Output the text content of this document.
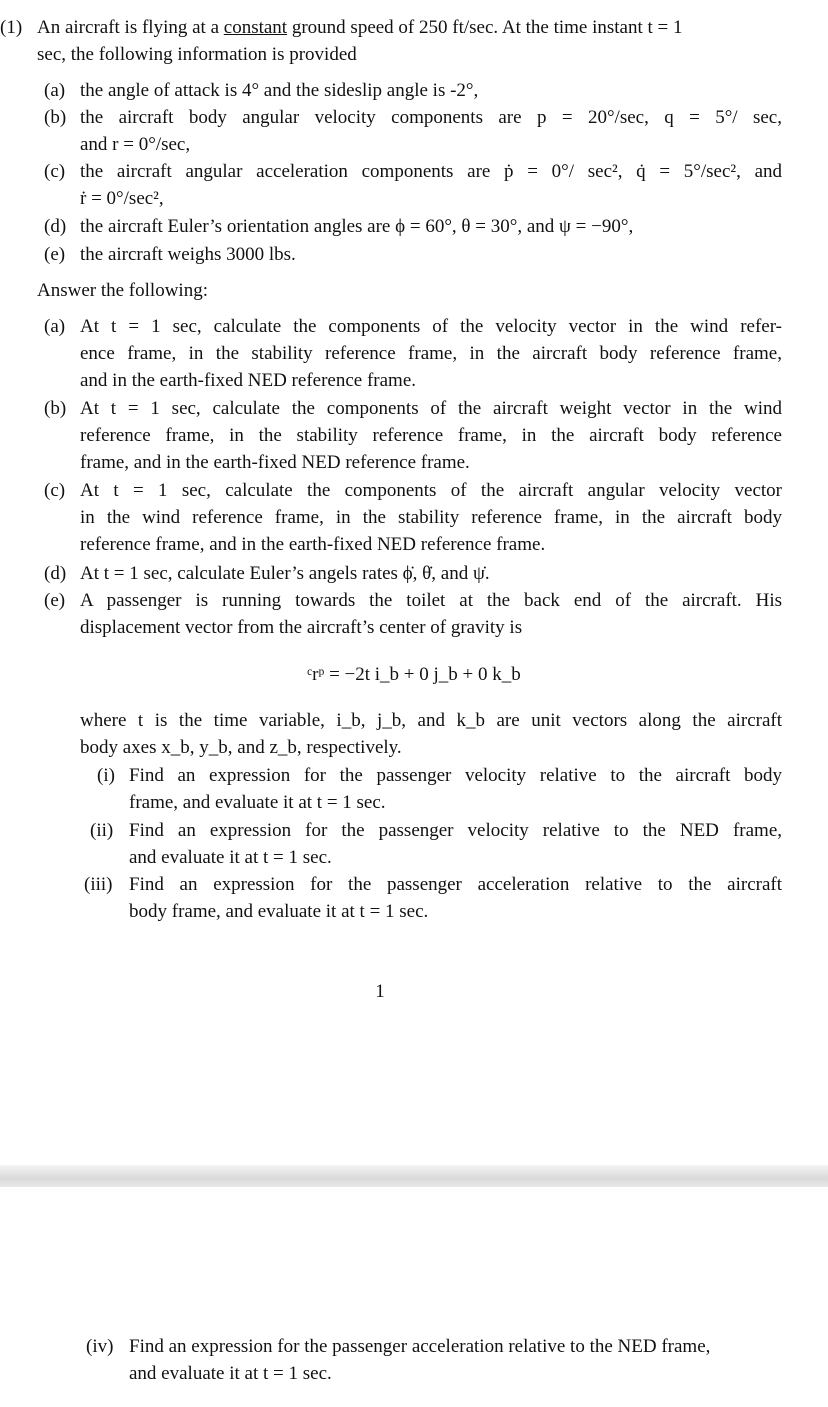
(1) An aircraft is flying at a constant ground speed of 250 ft/sec. At the time instant t = 1
sec, the following information is provided
(a) the angle of attack is 4° and the sideslip angle is -2°,
(b) the aircraft body angular velocity components are p = 20°/sec, q = 5°/ sec,
and r = 0°/sec,
(c) the aircraft angular acceleration components are ṗ = 0°/ sec², q̇ = 5°/sec², and
ṙ = 0°/sec²,
(d) the aircraft Euler’s orientation angles are ϕ = 60°, θ = 30°, and ψ = −90°,
(e) the aircraft weighs 3000 lbs.
Answer the following:
(a) At t = 1 sec, calculate the components of the velocity vector in the wind refer-
ence frame, in the stability reference frame, in the aircraft body reference frame,
and in the earth-fixed NED reference frame.
(b) At t = 1 sec, calculate the components of the aircraft weight vector in the wind
reference frame, in the stability reference frame, in the aircraft body reference
frame, and in the earth-fixed NED reference frame.
(c) At t = 1 sec, calculate the components of the aircraft angular velocity vector
in the wind reference frame, in the stability reference frame, in the aircraft body
reference frame, and in the earth-fixed NED reference frame.
(d) At t = 1 sec, calculate Euler’s angels rates ϕ̇, θ̇, and ψ̇.
(e) A passenger is running towards the toilet at the back end of the aircraft. His
displacement vector from the aircraft’s center of gravity is
ᶜrᵖ = −2t i_b + 0 j_b + 0 k_b
where t is the time variable, i_b, j_b, and k_b are unit vectors along the aircraft
body axes x_b, y_b, and z_b, respectively.
(i) Find an expression for the passenger velocity relative to the aircraft body
frame, and evaluate it at t = 1 sec.
(ii) Find an expression for the passenger velocity relative to the NED frame,
and evaluate it at t = 1 sec.
(iii) Find an expression for the passenger acceleration relative to the aircraft
body frame, and evaluate it at t = 1 sec.
1
(iv) Find an expression for the passenger acceleration relative to the NED frame,
and evaluate it at t = 1 sec.
